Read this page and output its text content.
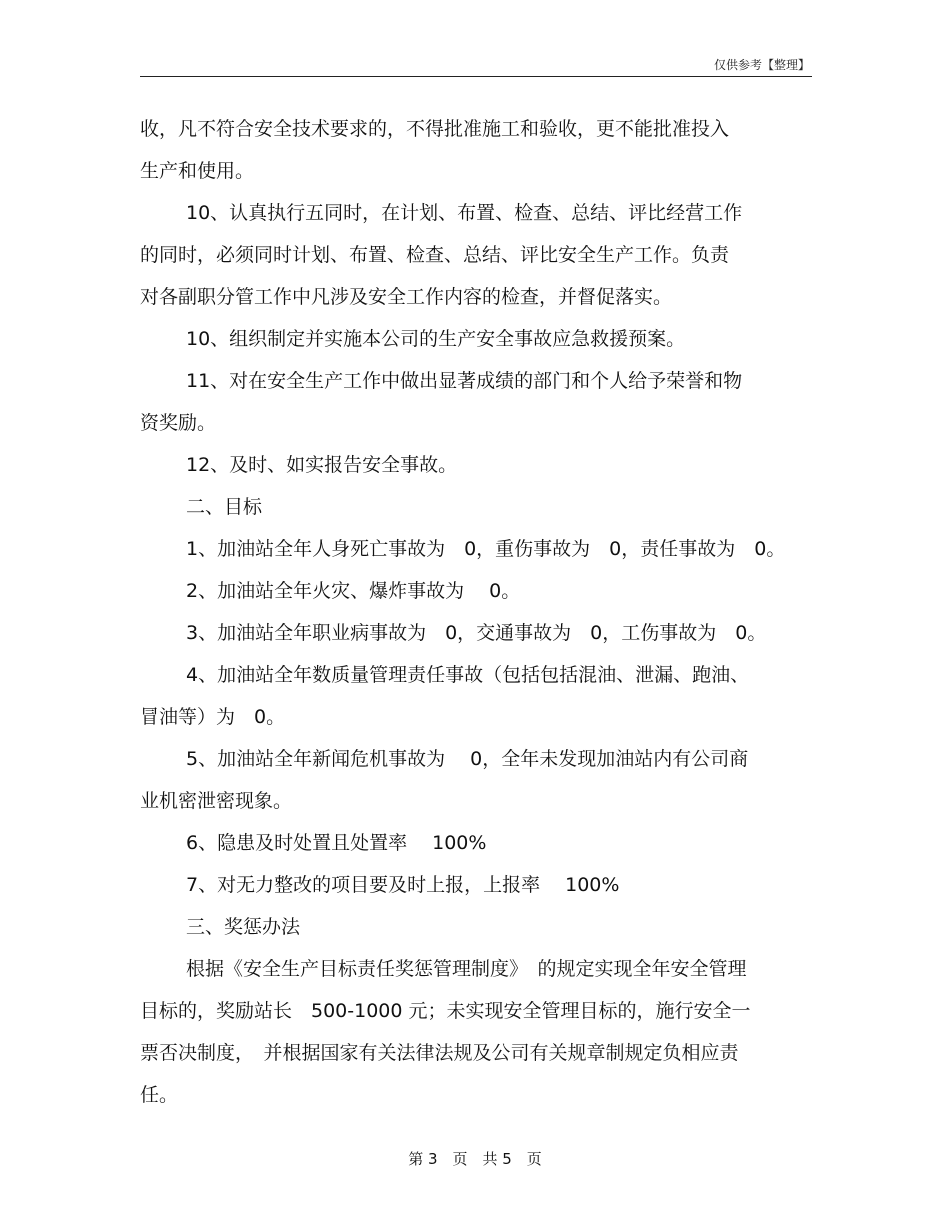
仅供参考【整理】

收，凡不符合安全技术要求的，不得批准施工和验收，更不能批准投入

生产和使用。

10、认真执行五同时，在计划、布置、检查、总结、评比经营工作

的同时，必须同时计划、布置、检查、总结、评比安全生产工作。负责

对各副职分管工作中凡涉及安全工作内容的检查，并督促落实。

10、组织制定并实施本公司的生产安全事故应急救援预案。

11、对在安全生产工作中做出显著成绩的部门和个人给予荣誉和物

资奖励。

12、及时、如实报告安全事故。

二、目标

1、加油站全年人身死亡事故为　0，重伤事故为　0，责任事故为　0。

2、加油站全年火灾、爆炸事故为　 0。

3、加油站全年职业病事故为　0，交通事故为　0，工伤事故为　0。

4、加油站全年数质量管理责任事故（包括包括混油、泄漏、跑油、

冒油等）为　0。

5、加油站全年新闻危机事故为　 0，全年未发现加油站内有公司商

业机密泄密现象。

6、隐患及时处置且处置率　 100%

7、对无力整改的项目要及时上报，上报率　 100%

三、奖惩办法

根据《安全生产目标责任奖惩管理制度》　的规定实现全年安全管理

目标的，奖励站长　500-1000 元；未实现安全管理目标的，施行安全一

票否决制度，　并根据国家有关法律法规及公司有关规章制规定负相应责

任。

第 3　页　共 5　页
